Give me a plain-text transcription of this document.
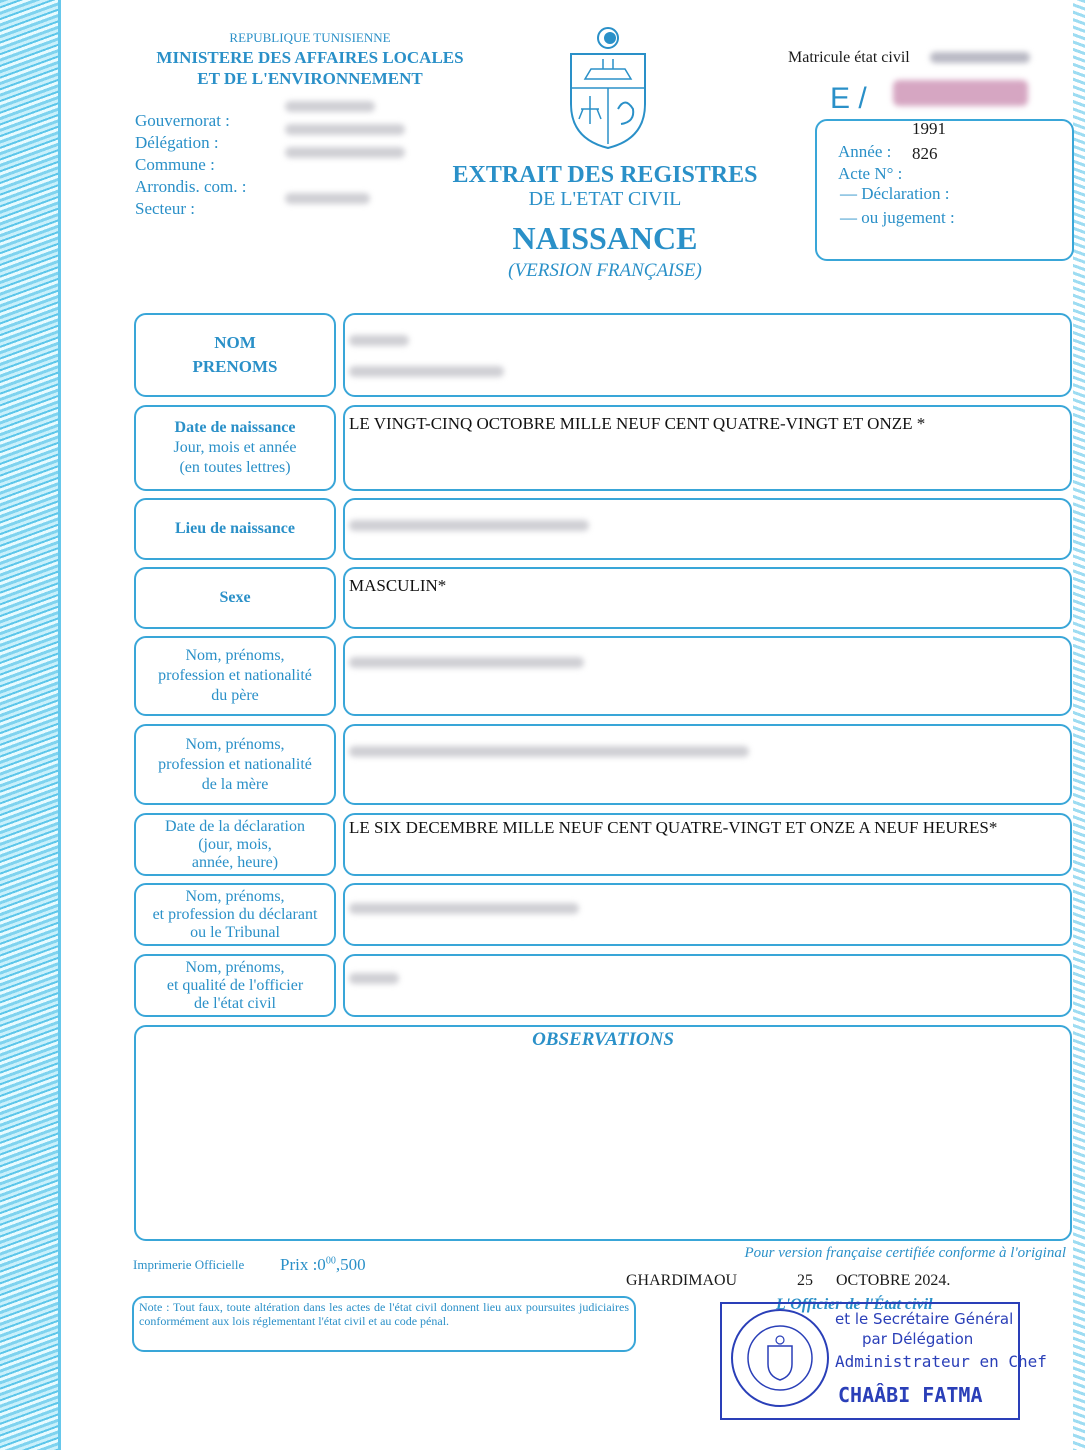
REPUBLIQUE TUNISIENNE
MINISTERE DES AFFAIRES LOCALES
ET DE L'ENVIRONNEMENT
Gouvernorat :
Délégation :
Commune :
Arrondis. com. :
Secteur :
EXTRAIT DES REGISTRES
DE L'ETAT CIVIL
NAISSANCE
(VERSION FRANÇAISE)
Matricule état civil
E /
1991
Année : 826
Acte N° :
— Déclaration :
— ou jugement :
NOM
PRENOMS

Date de naissance
Jour, mois et année
(en toutes lettres)
LE VINGT-CINQ OCTOBRE MILLE NEUF CENT QUATRE-VINGT ET ONZE *
Lieu de naissance
Sexe
MASCULIN*
Nom, prénoms,
profession et nationalité
du père
Nom, prénoms,
profession et nationalité
de la mère
Date de la déclaration
(jour, mois,
année, heure)
LE SIX DECEMBRE MILLE NEUF CENT QUATRE-VINGT ET ONZE A NEUF HEURES*
Nom, prénoms,
et profession du déclarant
ou le Tribunal
Nom, prénoms,
et qualité de l'officier
de l'état civil
OBSERVATIONS
Imprimerie Officielle Prix $:0^{00},500$
Pour version française certifiée conforme à l'original
GHARDIMAOU	25 OCTOBRE 2024.
Note : Tout faux, toute altération dans les actes de l'état civil donnent lieu aux poursuites judiciaires conformément aux lois réglementant l'état civil et au code pénal.
L'Officier de l'État civil
et le Secrétaire Général
par Délégation
Administrateur en Chef
CHAÂBI FATMA
